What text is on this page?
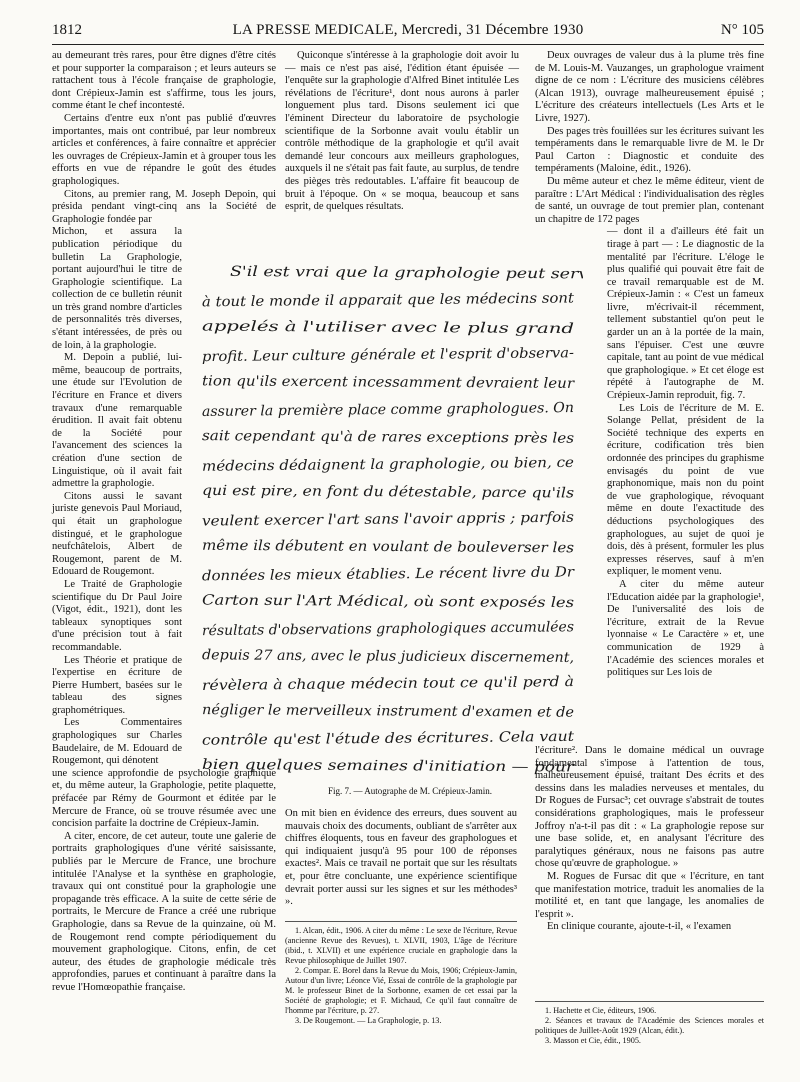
1812	LA PRESSE MEDICALE, Mercredi, 31 Décembre 1930	N° 105

au demeurant très rares, pour être dignes d'être cités et pour supporter la comparaison ; et leurs auteurs se rattachent tous à l'école française de graphologie, dont Crépieux-Jamin est s'affirme, tous les jours, comme étant le chef incontesté.

Certains d'entre eux n'ont pas publié d'œuvres importantes, mais ont contribué, par leur nombreux articles et conférences, à faire connaître et apprécier les ouvrages de Crépieux-Jamin et à grouper tous les efforts en vue de répandre le goût des études graphologiques.

Citons, au premier rang, M. Joseph Depoin, qui présida pendant vingt-cinq ans la Société de Graphologie fondée par

Michon, et assura la publication périodique du bulletin La Graphologie, portant aujourd'hui le titre de Graphologie scientifique. La collection de ce bulletin réunit un très grand nombre d'articles de personnalités très diverses, s'étant intéressées, de près ou de loin, à la graphologie.

M. Depoin a publié, lui-même, beaucoup de portraits, une étude sur l'Evolution de l'écriture en France et divers travaux d'une remarquable érudition. Il avait fait obtenu de la Société pour l'avancement des sciences la création d'une section de Linguistique, où il avait fait admettre la graphologie.

Citons aussi le savant juriste genevois Paul Moriaud, qui était un graphologue distingué, et le graphologue neufchâtelois, Albert de Rougemont, parent de M. Edouard de Rougemont.

Le Traité de Graphologie scientifique du Dr Paul Joire (Vigot, édit., 1921), dont les tableaux synoptiques sont d'une précision tout à fait recommandable.

Les Théorie et pratique de l'expertise en écriture de Pierre Humbert, basées sur le tableau des signes graphométriques.

Les Commentaires graphologiques sur Charles Baudelaire, de M. Edouard de Rougemont, qui dénotent

une science approfondie de psychologie graphique et, du même auteur, la Graphologie, petite plaquette, préfacée par Rémy de Gourmont et éditée par le Mercure de France, où se trouve résumée avec une concision parfaite la doctrine de Crépieux-Jamin.

A citer, encore, de cet auteur, toute une galerie de portraits graphologiques d'une vérité saisissante, publiés par le Mercure de France, une brochure intitulée l'Analyse et la synthèse en graphologie, travaux qui ont constitué pour la graphologie une propagande très efficace. A la suite de cette série de portraits, le Mercure de France a créé une rubrique Graphologie, dans sa Revue de la quinzaine, où M. de Rougemont rend compte périodiquement du mouvement graphologique. Citons, enfin, de cet auteur, des études de graphologie médicale très approfondies, parues et continuant à paraître dans la revue l'Homœopathie française.

Quiconque s'intéresse à la graphologie doit avoir lu — mais ce n'est pas aisé, l'édition étant épuisée — l'enquête sur la graphologie d'Alfred Binet intitulée Les révélations de l'écriture¹, dont nous aurons à parler longuement plus tard. Disons seulement ici que l'éminent Directeur du laboratoire de psychologie scientifique de la Sorbonne avait voulu établir un contrôle méthodique de la graphologie et qu'il avait demandé leur concours aux meilleurs graphologues, auxquels il ne s'était pas fait faute, au surplus, de tendre des pièges très redoutables. L'affaire fit beaucoup de bruit à l'époque. On « se moqua, beaucoup et sans esprit, de quelques résultats.

Deux ouvrages de valeur dus à la plume très fine de M. Louis-M. Vauzanges, un graphologue vraiment digne de ce nom : L'écriture des musiciens célèbres (Alcan 1913), ouvrage malheureusement épuisé ; L'écriture des créateurs intellectuels (Les Arts et le Livre, 1927).

Des pages très fouillées sur les écritures suivant les tempéraments dans le remarquable livre de M. le Dr Paul Carton : Diagnostic et conduite des tempéraments (Maloine, édit., 1926).

Du même auteur et chez le même éditeur, vient de paraître : L'Art Médical : l'individualisation des règles de santé, un ouvrage de tout premier plan, contenant un chapitre de 172 pages

— dont il a d'ailleurs été fait un tirage à part — : Le diagnostic de la mentalité par l'écriture. L'éloge le plus qualifié qui pouvait être fait de ce travail remarquable est de M. Crépieux-Jamin : « C'est un fameux livre, m'écrivait-il récemment, tellement substantiel qu'on peut le garder un an à la portée de la main, sans l'épuiser. C'est une œuvre capitale, tant au point de vue médical que graphologique. » Et cet éloge est répété à l'autographe de M. Crépieux-Jamin reproduit, fig. 7.

Les Lois de l'écriture de M. E. Solange Pellat, président de la Société technique des experts en écriture, codification très bien ordonnée des principes du graphisme envisagés du point de vue graphonomique, mais non du point de vue graphologique, révoquant même en doute l'exactitude des déductions psychologiques des graphologues, au sujet de quoi je dois, dès à présent, formuler les plus expresses réserves, sauf à m'en expliquer, le moment venu.

A citer du même auteur l'Education aidée par la graphologie¹, De l'universalité des lois de l'écriture, extrait de la Revue lyonnaise « Le Caractère » et, une communication de 1929 à l'Académie des sciences morales et politiques sur Les lois de

S'il est vrai que la graphologie peut servir
à tout le monde il apparait que les médecins sont
appelés à l'utiliser avec le plus grand
profit. Leur culture générale et l'esprit d'observa-
tion qu'ils exercent incessamment devraient leur
assurer la première place comme graphologues. On
sait cependant qu'à de rares exceptions près les
médecins dédaignent la graphologie, ou bien, ce
qui est pire, en font du détestable, parce qu'ils
veulent exercer l'art sans l'avoir appris ; parfois
même ils débutent en voulant de bouleverser les
données les mieux établies. Le récent livre du Dr
Carton sur l'Art Médical, où sont exposés les
résultats d'observations graphologiques accumulées
depuis 27 ans, avec le plus judicieux discernement,
révèlera à chaque médecin tout ce qu'il perd à
négliger le merveilleux instrument d'examen et de
contrôle qu'est l'étude des écritures. Cela vaut
bien quelques semaines d'initiation — pour
Fig. 7. — Autographe de M. Crépieux-Jamin.

On mit bien en évidence des erreurs, dues souvent au mauvais choix des documents, oubliant de s'arrêter aux chiffres éloquents, tous en faveur des graphologues et qui indiquaient jusqu'à 95 pour 100 de réponses exactes². Mais ce travail ne portait que sur les résultats et, pour être concluante, une expérience scientifique devrait porter aussi sur les signes et sur les méthodes³ ».

l'écriture². Dans le domaine médical un ouvrage fondamental s'impose à l'attention de tous, malheureusement épuisé, traitant Des écrits et des dessins dans les maladies nerveuses et mentales, du Dr Rogues de Fursac³; cet ouvrage s'abstrait de toutes considérations graphologiques, mais le professeur Joffroy n'a-t-il pas dit : « La graphologie repose sur une base solide, et, en analysant l'écriture des paralytiques généraux, nous ne faisons pas autre chose qu'œuvre de graphologue. »

M. Rogues de Fursac dit que « l'écriture, en tant que manifestation motrice, traduit les anomalies de la motilité et, en tant que langage, les anomalies de l'esprit ».

En clinique courante, ajoute-t-il, « l'examen

1. Alcan, édit., 1906. A citer du même : Le sexe de l'écriture, Revue (ancienne Revue des Revues), t. XLVII, 1903, L'âge de l'écriture (ibid., t. XLVII) et une expérience cruciale en graphologie dans la Revue philosophique de Juillet 1907.

2. Compar. E. Borel dans la Revue du Mois, 1906; Crépieux-Jamin, Autour d'un livre; Léonce Vié, Essai de contrôle de la graphologie par M. le professeur Binet de la Sorbonne, examen de cet essai par la Société de graphologie; et F. Michaud, Ce qu'il faut connaître de l'homme par l'écriture, p. 27.

3. De Rougemont. — La Graphologie, p. 13.

1. Hachette et Cie, éditeurs, 1906.

2. Séances et travaux de l'Académie des Sciences morales et politiques de Juillet-Août 1929 (Alcan, édit.).

3. Masson et Cie, édit., 1905.
